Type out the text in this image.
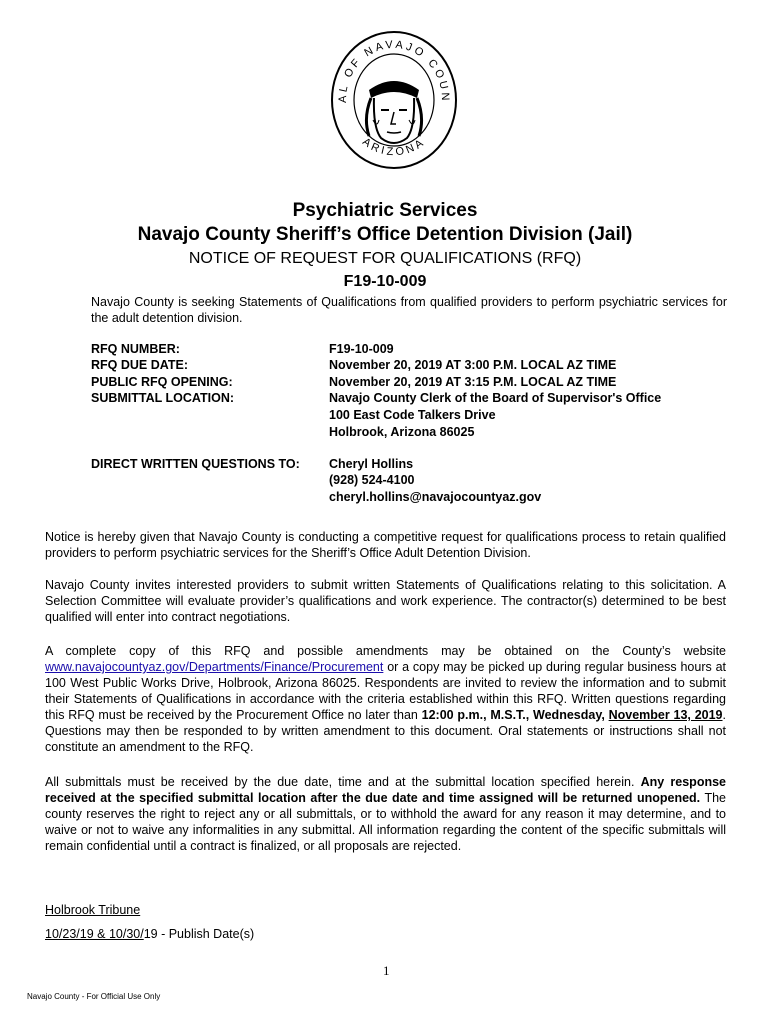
AL OF NAVAJO COUN
ARIZONA
Psychiatric Services
Navajo County Sheriff’s Office Detention Division (Jail)
NOTICE OF REQUEST FOR QUALIFICATIONS (RFQ)
F19-10-009
Navajo County is seeking Statements of Qualifications from qualified providers to perform psychiatric services for the adult detention division.
RFQ NUMBER:	F19-10-009
RFQ DUE DATE:	November 20, 2019 AT 3:00 P.M. LOCAL AZ TIME
PUBLIC RFQ OPENING:	November 20, 2019 AT 3:15 P.M. LOCAL AZ TIME
SUBMITTAL LOCATION:	Navajo County Clerk of the Board of Supervisor's Office
100 East Code Talkers Drive
Holbrook, Arizona 86025
DIRECT WRITTEN QUESTIONS TO: Cheryl Hollins
(928) 524-4100
cheryl.hollins@navajocountyaz.gov
Notice is hereby given that Navajo County is conducting a competitive request for qualifications process to retain qualified providers to perform psychiatric services for the Sheriff’s Office Adult Detention Division.
Navajo County invites interested providers to submit written Statements of Qualifications relating to this solicitation. A Selection Committee will evaluate provider’s qualifications and work experience. The contractor(s) determined to be best qualified will enter into contract negotiations.
A complete copy of this RFQ and possible amendments may be obtained on the County’s website www.navajocountyaz.gov/Departments/Finance/Procurement or a copy may be picked up during regular business hours at 100 West Public Works Drive, Holbrook, Arizona 86025. Respondents are invited to review the information and to submit their Statements of Qualifications in accordance with the criteria established within this RFQ. Written questions regarding this RFQ must be received by the Procurement Office no later than 12:00 p.m., M.S.T., Wednesday, November 13, 2019. Questions may then be responded to by written amendment to this document. Oral statements or instructions shall not constitute an amendment to the RFQ.
All submittals must be received by the due date, time and at the submittal location specified herein. Any response received at the specified submittal location after the due date and time assigned will be returned unopened. The county reserves the right to reject any or all submittals, or to withhold the award for any reason it may determine, and to waive or not to waive any informalities in any submittal. All information regarding the content of the specific submittals will remain confidential until a contract is finalized, or all proposals are rejected.
Holbrook Tribune
10/23/19 & 10/30/19 - Publish Date(s)
1
Navajo County - For Official Use Only
